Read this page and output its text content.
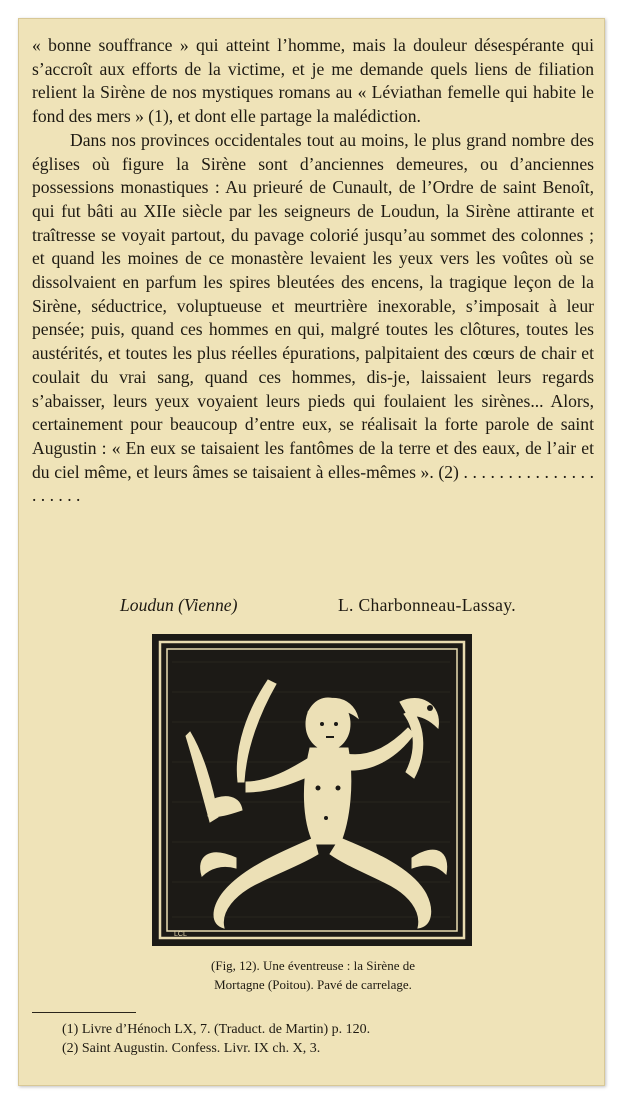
« bonne souffrance » qui atteint l’homme, mais la douleur désespérante qui s’accroît aux efforts de la victime, et je me demande quels liens de filiation relient la Sirène de nos mystiques romans au « Léviathan femelle qui habite le fond des mers » (1), et dont elle partage la malédiction.

Dans nos provinces occidentales tout au moins, le plus grand nombre des églises où figure la Sirène sont d’anciennes demeures, ou d’anciennes possessions monastiques : Au prieuré de Cunault, de l’Ordre de saint Benoît, qui fut bâti au XIIe siècle par les seigneurs de Loudun, la Sirène attirante et traîtresse se voyait partout, du pavage colorié jusqu’au sommet des colonnes ; et quand les moines de ce monastère levaient les yeux vers les voûtes où se dissolvaient en parfum les spires bleutées des encens, la tragique leçon de la Sirène, séductrice, voluptueuse et meurtrière inexorable, s’imposait à leur pensée; puis, quand ces hommes en qui, malgré toutes les clôtures, toutes les austérités, et toutes les plus réelles épurations, palpitaient des cœurs de chair et coulait du vrai sang, quand ces hommes, dis-je, laissaient leurs regards s’abaisser, leurs yeux voyaient leurs pieds qui foulaient les sirènes... Alors, certainement pour beaucoup d’entre eux, se réalisait la forte parole de saint Augustin : « En eux se taisaient les fantômes de la terre et des eaux, de l’air et du ciel même, et leurs âmes se taisaient à elles-mêmes ». (2) . . . . . . . . . . . . . . . . . . . . .

Loudun (Vienne)	L. Charbonneau-Lassay.
LCL
(Fig, 12). Une éventreuse : la Sirène de
Mortagne (Poitou). Pavé de carrelage.
(1) Livre d’Hénoch LX, 7. (Traduct. de Martin) p. 120.
(2) Saint Augustin. Confess. Livr. IX ch. X, 3.
